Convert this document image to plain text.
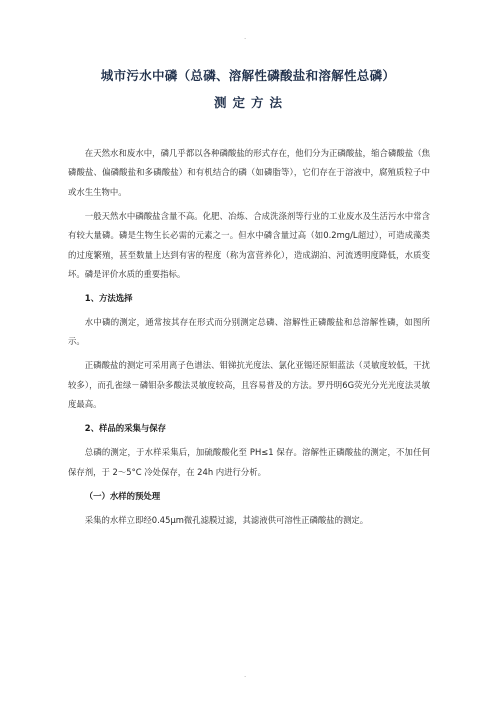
.
城市污水中磷（总磷、溶解性磷酸盐和溶解性总磷）
测定方法

在天然水和废水中，磷几乎都以各种磷酸盐的形式存在，他们分为正磷酸盐，缩合磷酸盐（焦磷酸盐、偏磷酸盐和多磷酸盐）和有机结合的磷（如磷脂等），它们存在于溶液中，腐殖质粒子中或水生生物中。

一般天然水中磷酸盐含量不高。化肥、冶炼、合成洗涤剂等行业的工业废水及生活污水中常含有较大量磷。磷是生物生长必需的元素之一。但水中磷含量过高（如0.2mg/L超过），可造成藻类的过度繁殖，甚至数量上达到有害的程度（称为富营养化），造成湖泊、河流透明度降低，水质变坏。磷是评价水质的重要指标。

1、方法选择

水中磷的测定，通常按其存在形式而分别测定总磷、溶解性正磷酸盐和总溶解性磷，如图所示。

正磷酸盐的测定可采用离子色谱法、钼锑抗光度法、氯化亚锡还原钼蓝法（灵敏度较低，干扰较多），而孔雀绿－磷钼杂多酸法灵敏度较高，且容易普及的方法。罗丹明6G荧光分光光度法灵敏度最高。

2、样品的采集与保存

总磷的测定，于水样采集后，加硫酸酸化至 PH≤1 保存。溶解性正磷酸盐的测定，不加任何保存剂，于 2～5°C 冷处保存，在 24h 内进行分析。

（一）水样的预处理

采集的水样立即经0.45μm微孔滤膜过滤，其滤液供可溶性正磷酸盐的测定。

.
